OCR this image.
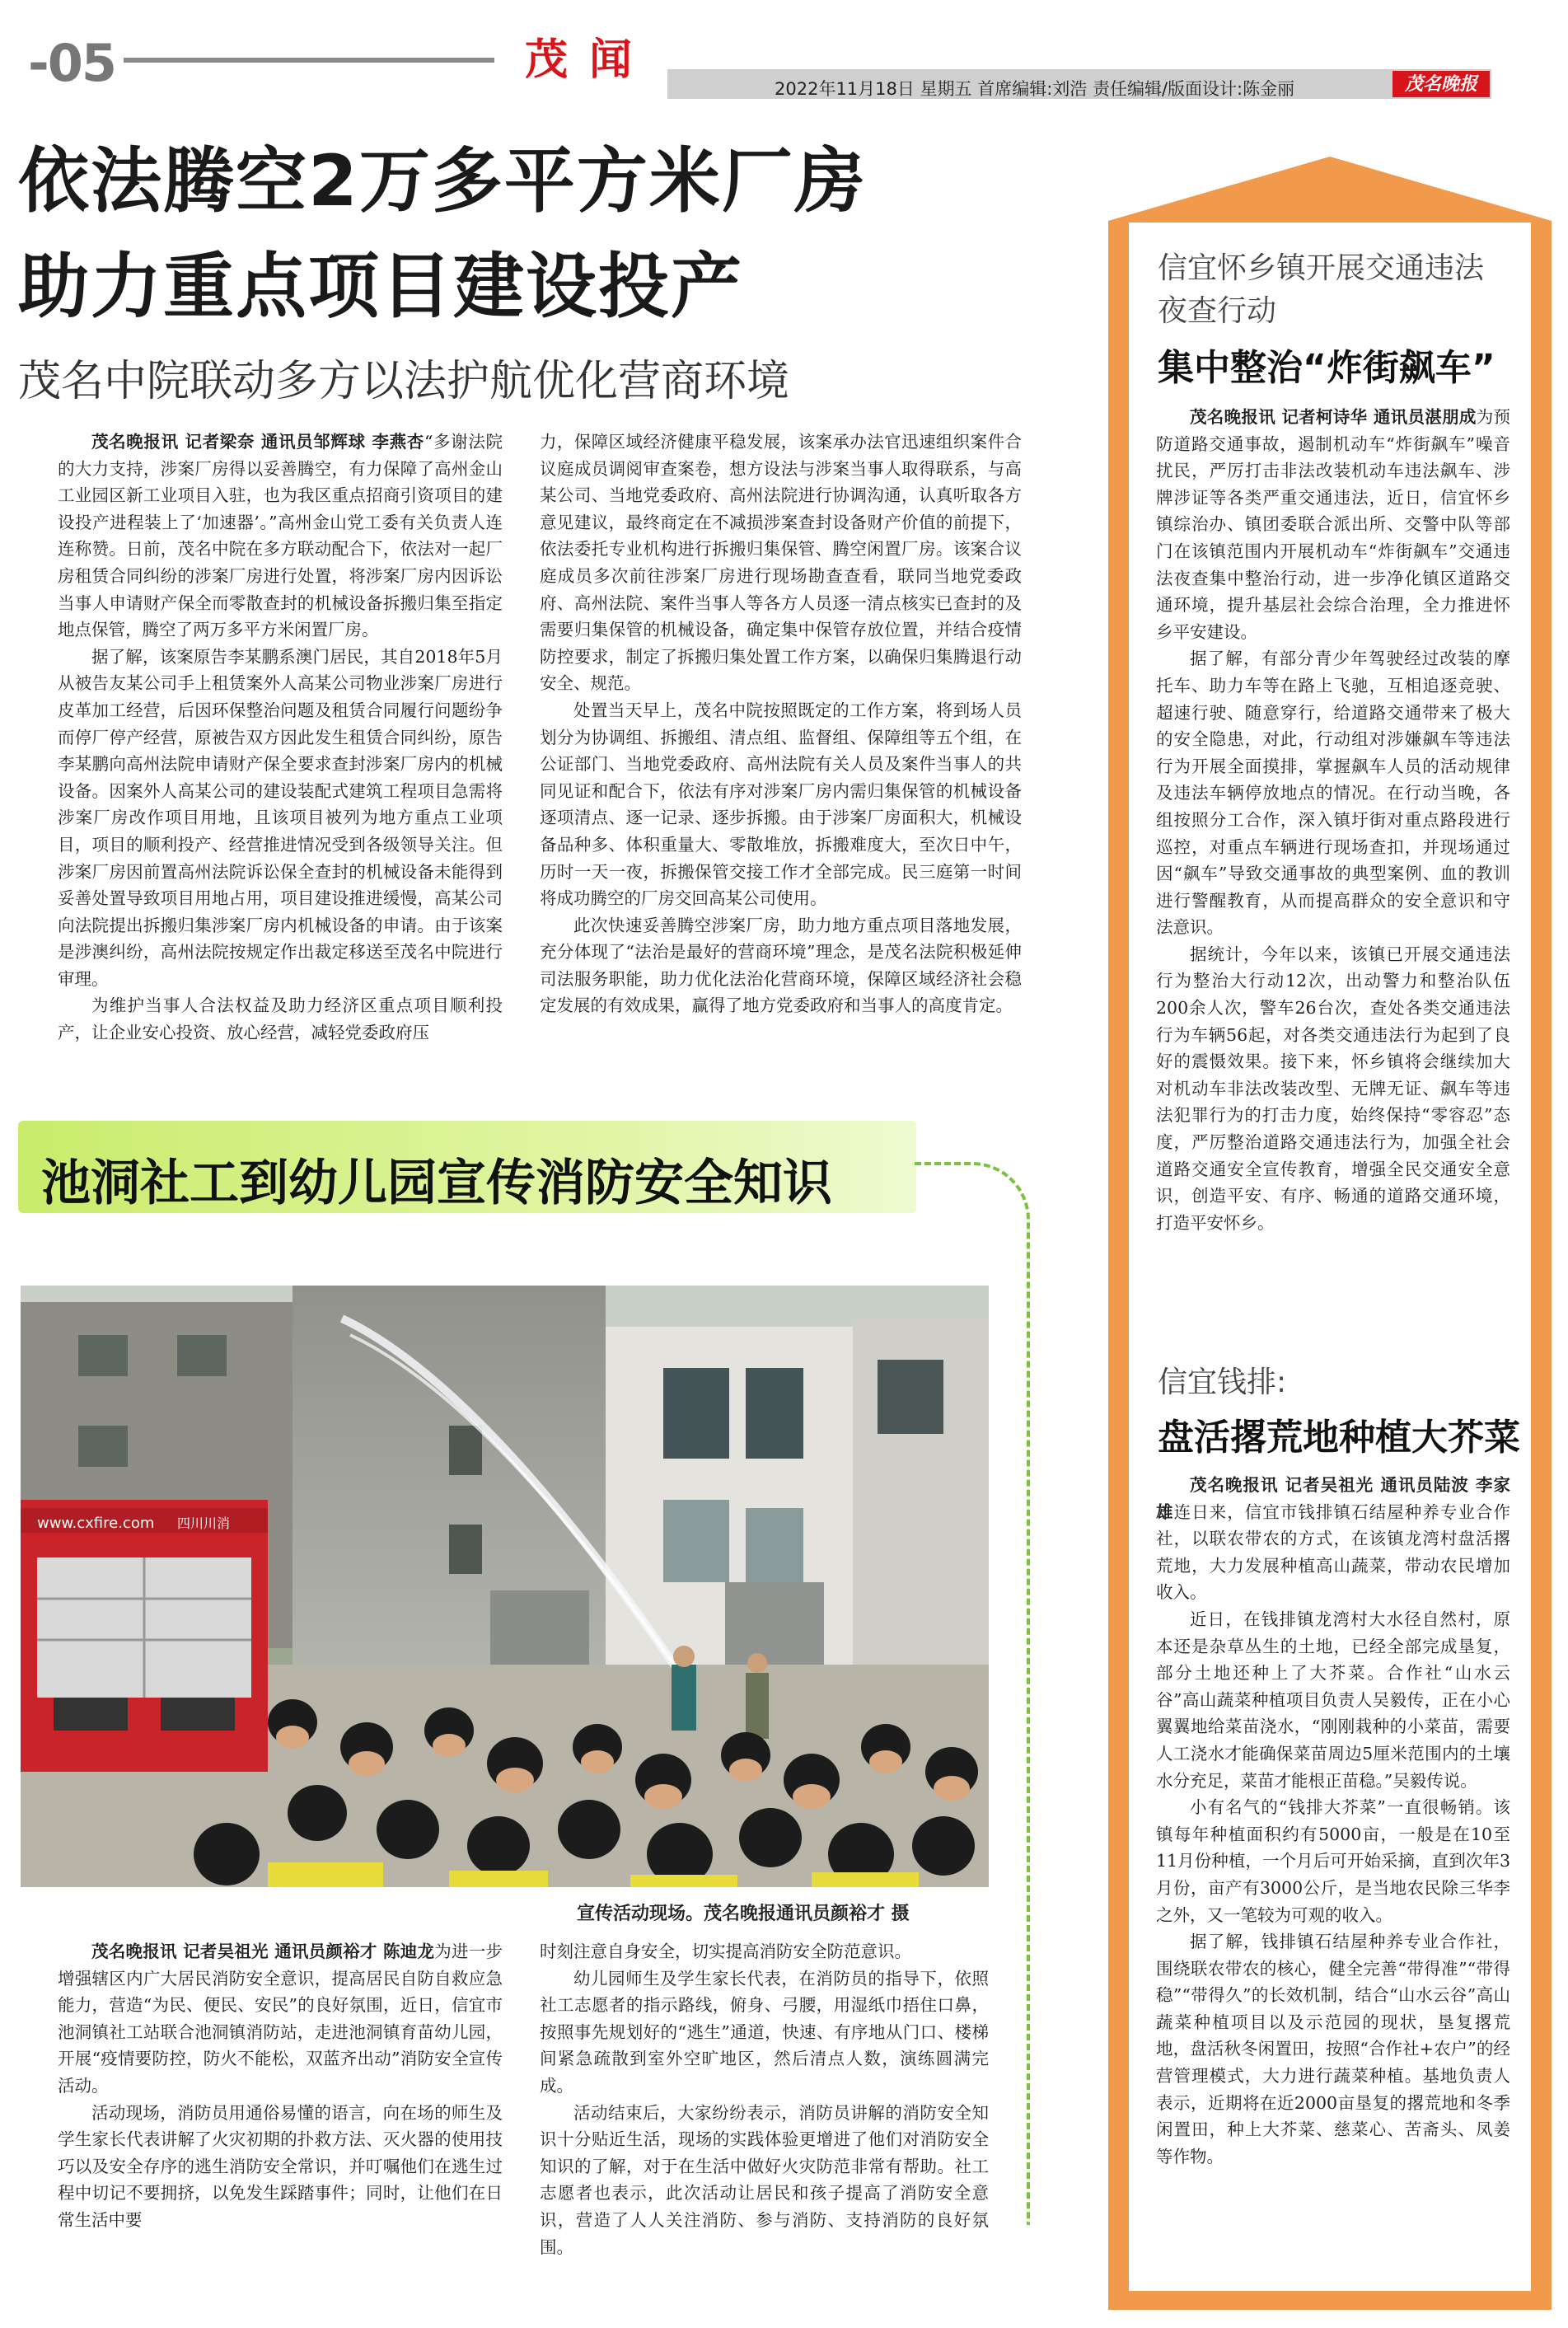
-05	茂 闻
2022年11月18日 星期五 首席编辑:刘浩 责任编辑/版面设计:陈金丽	茂名晚报
依法腾空2万多平方米厂房
助力重点项目建设投产
茂名中院联动多方以法护航优化营商环境

茂名晚报讯 记者梁奈 通讯员邹辉球 李燕杏“多谢法院的大力支持，涉案厂房得以妥善腾空，有力保障了高州金山工业园区新工业项目入驻，也为我区重点招商引资项目的建设投产进程装上了‘加速器’。”高州金山党工委有关负责人连连称赞。日前，茂名中院在多方联动配合下，依法对一起厂房租赁合同纠纷的涉案厂房进行处置，将涉案厂房内因诉讼当事人申请财产保全而零散查封的机械设备拆搬归集至指定地点保管，腾空了两万多平方米闲置厂房。

据了解，该案原告李某鹏系澳门居民，其自2018年5月从被告友某公司手上租赁案外人高某公司物业涉案厂房进行皮革加工经营，后因环保整治问题及租赁合同履行问题纷争而停厂停产经营，原被告双方因此发生租赁合同纠纷，原告李某鹏向高州法院申请财产保全要求查封涉案厂房内的机械设备。因案外人高某公司的建设装配式建筑工程项目急需将涉案厂房改作项目用地，且该项目被列为地方重点工业项目，项目的顺利投产、经营推进情况受到各级领导关注。但涉案厂房因前置高州法院诉讼保全查封的机械设备未能得到妥善处置导致项目用地占用，项目建设推进缓慢，高某公司向法院提出拆搬归集涉案厂房内机械设备的申请。由于该案是涉澳纠纷，高州法院按规定作出裁定移送至茂名中院进行审理。

为维护当事人合法权益及助力经济区重点项目顺利投产，让企业安心投资、放心经营，减轻党委政府压

力，保障区域经济健康平稳发展，该案承办法官迅速组织案件合议庭成员调阅审查案卷，想方设法与涉案当事人取得联系，与高某公司、当地党委政府、高州法院进行协调沟通，认真听取各方意见建议，最终商定在不减损涉案查封设备财产价值的前提下，依法委托专业机构进行拆搬归集保管、腾空闲置厂房。该案合议庭成员多次前往涉案厂房进行现场勘查查看，联同当地党委政府、高州法院、案件当事人等各方人员逐一清点核实已查封的及需要归集保管的机械设备，确定集中保管存放位置，并结合疫情防控要求，制定了拆搬归集处置工作方案，以确保归集腾退行动安全、规范。

处置当天早上，茂名中院按照既定的工作方案，将到场人员划分为协调组、拆搬组、清点组、监督组、保障组等五个组，在公证部门、当地党委政府、高州法院有关人员及案件当事人的共同见证和配合下，依法有序对涉案厂房内需归集保管的机械设备逐项清点、逐一记录、逐步拆搬。由于涉案厂房面积大，机械设备品种多、体积重量大、零散堆放，拆搬难度大，至次日中午，历时一天一夜，拆搬保管交接工作才全部完成。民三庭第一时间将成功腾空的厂房交回高某公司使用。

此次快速妥善腾空涉案厂房，助力地方重点项目落地发展，充分体现了“法治是最好的营商环境”理念，是茂名法院积极延伸司法服务职能，助力优化法治化营商环境，保障区域经济社会稳定发展的有效成果，赢得了地方党委政府和当事人的高度肯定。

池洞社工到幼儿园宣传消防安全知识
www.cxfire.com 四川川消
宣传活动现场。茂名晚报通讯员颜裕才 摄

茂名晚报讯 记者吴祖光 通讯员颜裕才 陈迪龙为进一步增强辖区内广大居民消防安全意识，提高居民自防自救应急能力，营造“为民、便民、安民”的良好氛围，近日，信宜市池洞镇社工站联合池洞镇消防站，走进池洞镇育苗幼儿园，开展“疫情要防控，防火不能松，双蓝齐出动”消防安全宣传活动。

活动现场，消防员用通俗易懂的语言，向在场的师生及学生家长代表讲解了火灾初期的扑救方法、灭火器的使用技巧以及安全存序的逃生消防安全常识，并叮嘱他们在逃生过程中切记不要拥挤，以免发生踩踏事件；同时，让他们在日常生活中要

时刻注意自身安全，切实提高消防安全防范意识。

幼儿园师生及学生家长代表，在消防员的指导下，依照社工志愿者的指示路线，俯身、弓腰，用湿纸巾捂住口鼻，按照事先规划好的“逃生”通道，快速、有序地从门口、楼梯间紧急疏散到室外空旷地区，然后清点人数，演练圆满完成。

活动结束后，大家纷纷表示，消防员讲解的消防安全知识十分贴近生活，现场的实践体验更增进了他们对消防安全知识的了解，对于在生活中做好火灾防范非常有帮助。社工志愿者也表示，此次活动让居民和孩子提高了消防安全意识，营造了人人关注消防、参与消防、支持消防的良好氛围。

信宜怀乡镇开展交通违法夜查行动
集中整治“炸街飙车”

茂名晚报讯 记者柯诗华 通讯员湛朋成为预防道路交通事故，遏制机动车“炸街飙车”噪音扰民，严厉打击非法改装机动车违法飙车、涉牌涉证等各类严重交通违法，近日，信宜怀乡镇综治办、镇团委联合派出所、交警中队等部门在该镇范围内开展机动车“炸街飙车”交通违法夜查集中整治行动，进一步净化镇区道路交通环境，提升基层社会综合治理，全力推进怀乡平安建设。

据了解，有部分青少年驾驶经过改装的摩托车、助力车等在路上飞驰，互相追逐竞驶、超速行驶、随意穿行，给道路交通带来了极大的安全隐患，对此，行动组对涉嫌飙车等违法行为开展全面摸排，掌握飙车人员的活动规律及违法车辆停放地点的情况。在行动当晚，各组按照分工合作，深入镇圩街对重点路段进行巡控，对重点车辆进行现场查扣，并现场通过因“飙车”导致交通事故的典型案例、血的教训进行警醒教育，从而提高群众的安全意识和守法意识。

据统计，今年以来，该镇已开展交通违法行为整治大行动12次，出动警力和整治队伍200余人次，警车26台次，查处各类交通违法行为车辆56起，对各类交通违法行为起到了良好的震慑效果。接下来，怀乡镇将会继续加大对机动车非法改装改型、无牌无证、飙车等违法犯罪行为的打击力度，始终保持“零容忍”态度，严厉整治道路交通违法行为，加强全社会道路交通安全宣传教育，增强全民交通安全意识，创造平安、有序、畅通的道路交通环境，打造平安怀乡。

信宜钱排:
盘活撂荒地种植大芥菜

茂名晚报讯 记者吴祖光 通讯员陆波 李家雄连日来，信宜市钱排镇石结屋种养专业合作社，以联农带农的方式，在该镇龙湾村盘活撂荒地，大力发展种植高山蔬菜，带动农民增加收入。

近日，在钱排镇龙湾村大水径自然村，原本还是杂草丛生的土地，已经全部完成垦复，部分土地还种上了大芥菜。合作社“山水云谷”高山蔬菜种植项目负责人吴毅传，正在小心翼翼地给菜苗浇水，“刚刚栽种的小菜苗，需要人工浇水才能确保菜苗周边5厘米范围内的土壤水分充足，菜苗才能根正苗稳。”吴毅传说。

小有名气的“钱排大芥菜”一直很畅销。该镇每年种植面积约有5000亩，一般是在10至11月份种植，一个月后可开始采摘，直到次年3月份，亩产有3000公斤，是当地农民除三华李之外，又一笔较为可观的收入。

据了解，钱排镇石结屋种养专业合作社，围绕联农带农的核心，健全完善“带得准”“带得稳”“带得久”的长效机制，结合“山水云谷”高山蔬菜种植项目以及示范园的现状，垦复撂荒地，盘活秋冬闲置田，按照“合作社+农户”的经营管理模式，大力进行蔬菜种植。基地负责人表示，近期将在近2000亩垦复的撂荒地和冬季闲置田，种上大芥菜、慈菜心、苦斋头、凤姜等作物。
